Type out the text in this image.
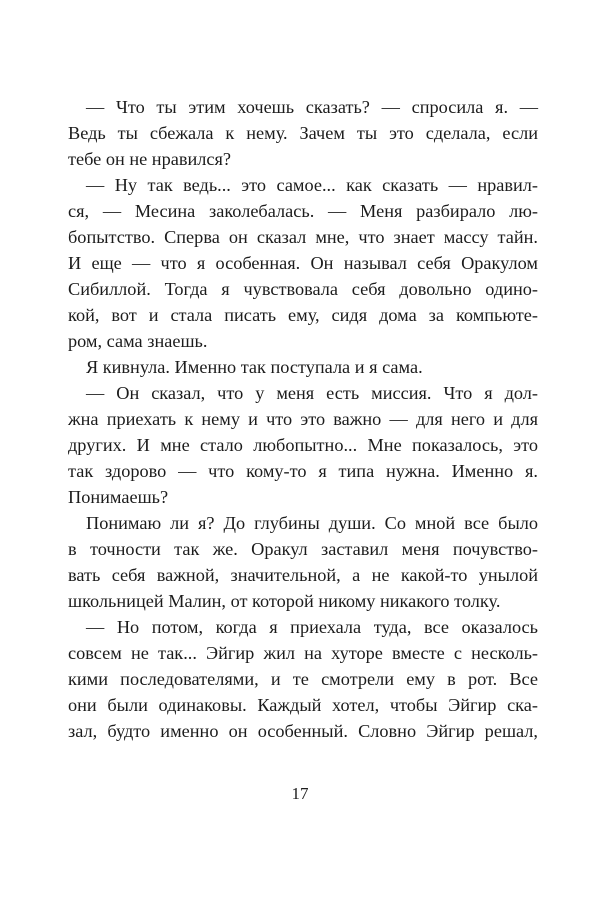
— Что ты этим хочешь сказать? — спросила я. —
Ведь ты сбежала к нему. Зачем ты это сделала, если
тебе он не нравился?
— Ну так ведь... это самое... как сказать — нравил-
ся, — Месина заколебалась. — Меня разбирало лю-
бопытство. Сперва он сказал мне, что знает массу тайн.
И еще — что я особенная. Он называл себя Оракулом
Сибиллой. Тогда я чувствовала себя довольно одино-
кой, вот и стала писать ему, сидя дома за компьюте-
ром, сама знаешь.
Я кивнула. Именно так поступала и я сама.
— Он сказал, что у меня есть миссия. Что я дол-
жна приехать к нему и что это важно — для него и для
других. И мне стало любопытно... Мне показалось, это
так здорово — что кому-то я типа нужна. Именно я.
Понимаешь?
Понимаю ли я? До глубины души. Со мной все было
в точности так же. Оракул заставил меня почувство-
вать себя важной, значительной, а не какой-то унылой
школьницей Малин, от которой никому никакого толку.
— Но потом, когда я приехала туда, все оказалось
совсем не так... Эйгир жил на хуторе вместе с несколь-
кими последователями, и те смотрели ему в рот. Все
они были одинаковы. Каждый хотел, чтобы Эйгир ска-
зал, будто именно он особенный. Словно Эйгир решал,
17
